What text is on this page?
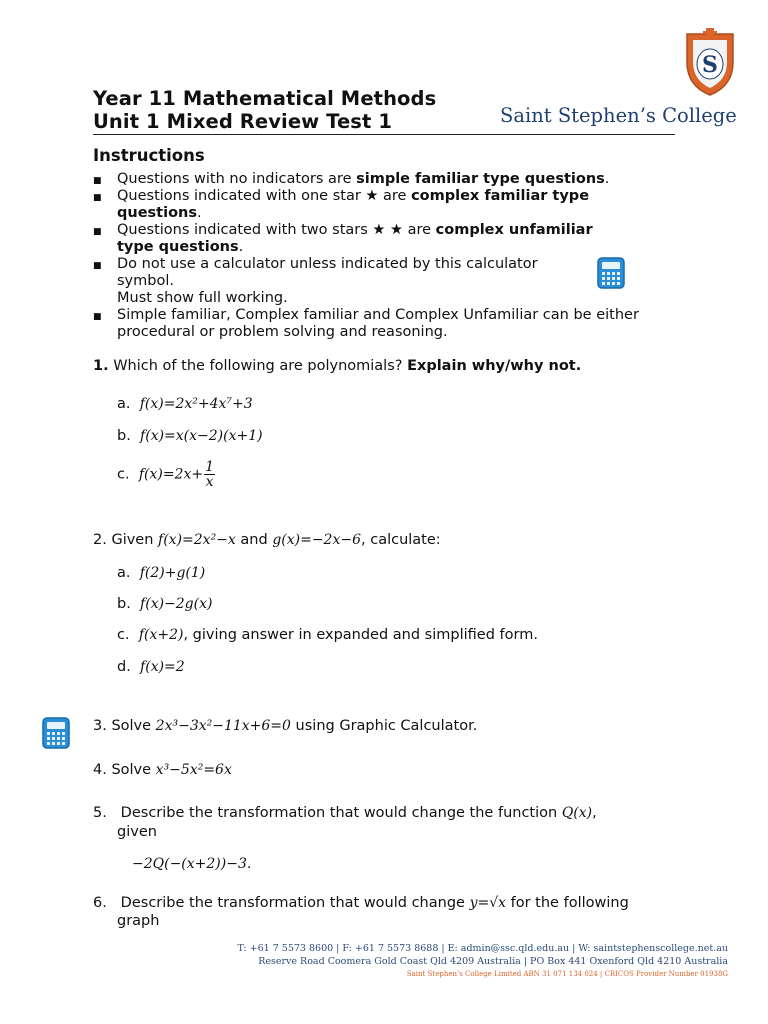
Year 11 Mathematical Methods
Unit 1 Mixed Review Test 1	Saint Stephen’s College
S
Instructions
■ Questions with no indicators are simple familiar type questions.
■ Questions indicated with one star ★ are complex familiar type
questions.
■ Questions indicated with two stars ★ ★ are complex unfamiliar
type questions.
■ Do not use a calculator unless indicated by this calculator
symbol.
Must show full working.
■ Simple familiar, Complex familiar and Complex Unfamiliar can be either
procedural or problem solving and reasoning.
1. Which of the following are polynomials? Explain why/why not.
a. f(x)=2x²+4x⁷+3
b. f(x)=x(x−2)(x+1)
c. $f(x)=2x+ \frac{1}{x}$
2. Given f(x)=2x²−x and g(x)=−2x−6, calculate:
a. f(2)+g(1)
b. f(x)−2g(x)
c. f(x+2), giving answer in expanded and simplified form.
d. f(x)=2
3. Solve 2x³−3x²−11x+6=0 using Graphic Calculator.
4. Solve x³−5x²=6x
5. Describe the transformation that would change the function Q(x),
given
−2Q(−(x+2))−3.
6. Describe the transformation that would change y=√x for the following
graph
T: +61 7 5573 8600 | F: +61 7 5573 8688 | E: admin@ssc.qld.edu.au | W: saintstephenscollege.net.au
Reserve Road Coomera Gold Coast Qld 4209 Australia | PO Box 441 Oxenford Qld 4210 Australia
Saint Stephen’s College Limited ABN 31 071 134 024 | CRICOS Provider Number 01938G
